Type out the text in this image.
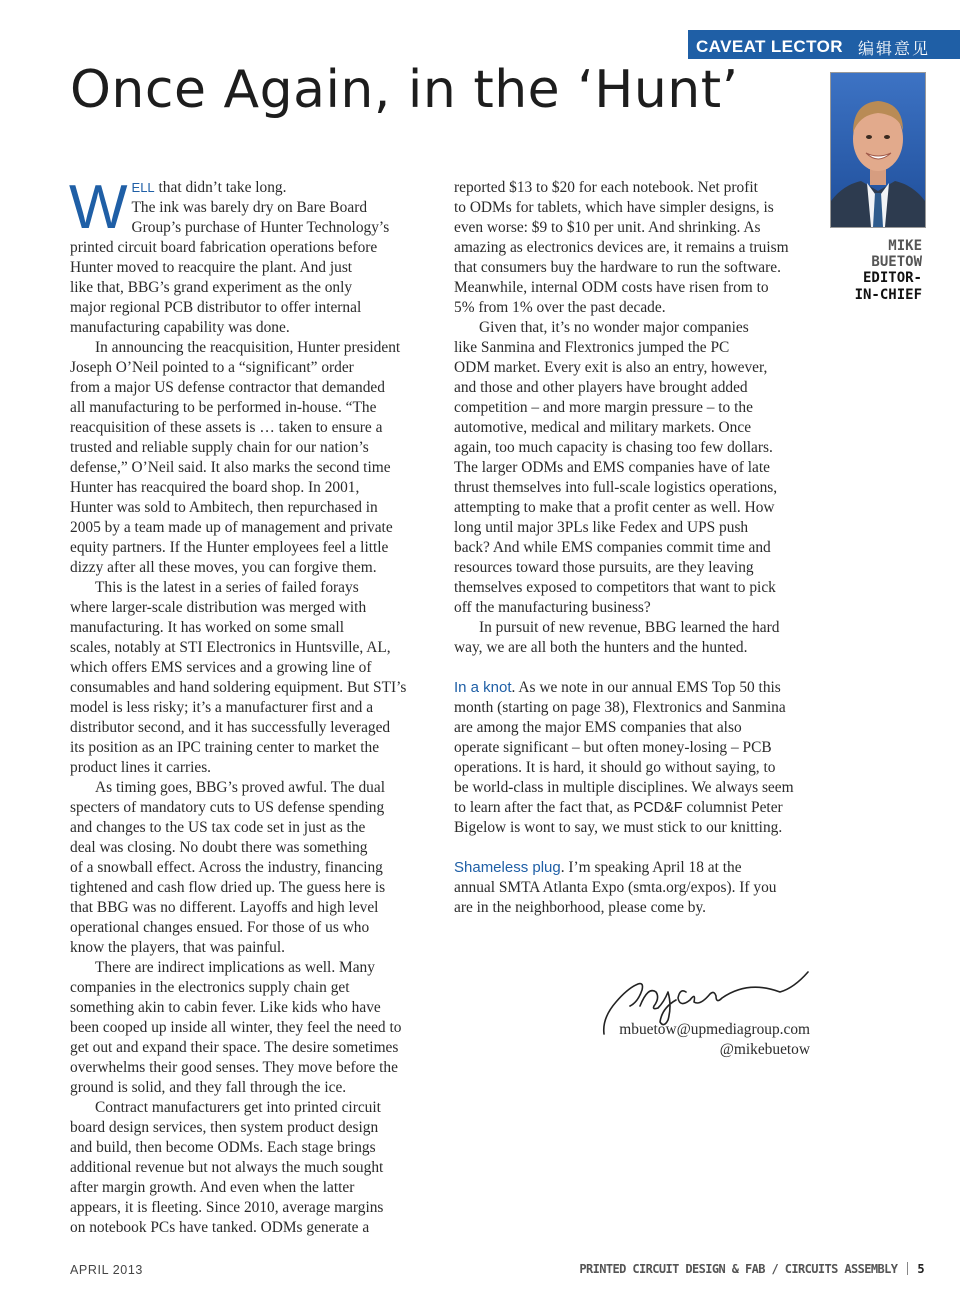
CAVEAT LECTOR 编辑意见
Once Again, in the ‘Hunt’
MIKE
BUETOW
EDITOR-
IN-CHIEF

W ELL that didn’t take long.
The ink was barely dry on Bare Board
Group’s purchase of Hunter Technology’s
printed circuit board fabrication operations before
Hunter moved to reacquire the plant. And just
like that, BBG’s grand experiment as the only
major regional PCB distributor to offer internal
manufacturing capability was done.

In announcing the reacquisition, Hunter president
Joseph O’Neil pointed to a “significant” order
from a major US defense contractor that demanded
all manufacturing to be performed in-house. “The
reacquisition of these assets is … taken to ensure a
trusted and reliable supply chain for our nation’s
defense,” O’Neil said. It also marks the second time
Hunter has reacquired the board shop. In 2001,
Hunter was sold to Ambitech, then repurchased in
2005 by a team made up of management and private
equity partners. If the Hunter employees feel a little
dizzy after all these moves, you can forgive them.

This is the latest in a series of failed forays
where larger-scale distribution was merged with
manufacturing. It has worked on some small
scales, notably at STI Electronics in Huntsville, AL,
which offers EMS services and a growing line of
consumables and hand soldering equipment. But STI’s
model is less risky; it’s a manufacturer first and a
distributor second, and it has successfully leveraged
its position as an IPC training center to market the
product lines it carries.

As timing goes, BBG’s proved awful. The dual
specters of mandatory cuts to US defense spending
and changes to the US tax code set in just as the
deal was closing. No doubt there was something
of a snowball effect. Across the industry, financing
tightened and cash flow dried up. The guess here is
that BBG was no different. Layoffs and high level
operational changes ensued. For those of us who
know the players, that was painful.

There are indirect implications as well. Many
companies in the electronics supply chain get
something akin to cabin fever. Like kids who have
been cooped up inside all winter, they feel the need to
get out and expand their space. The desire sometimes
overwhelms their good senses. They move before the
ground is solid, and they fall through the ice.

Contract manufacturers get into printed circuit
board design services, then system product design
and build, then become ODMs. Each stage brings
additional revenue but not always the much sought
after margin growth. And even when the latter
appears, it is fleeting. Since 2010, average margins
on notebook PCs have tanked. ODMs generate a

reported $13 to $20 for each notebook. Net profit
to ODMs for tablets, which have simpler designs, is
even worse: $9 to $10 per unit. And shrinking. As
amazing as electronics devices are, it remains a truism
that consumers buy the hardware to run the software.
Meanwhile, internal ODM costs have risen from to
5% from 1% over the past decade.

Given that, it’s no wonder major companies
like Sanmina and Flextronics jumped the PC
ODM market. Every exit is also an entry, however,
and those and other players have brought added
competition – and more margin pressure – to the
automotive, medical and military markets. Once
again, too much capacity is chasing too few dollars.
The larger ODMs and EMS companies have of late
thrust themselves into full-scale logistics operations,
attempting to make that a profit center as well. How
long until major 3PLs like Fedex and UPS push
back? And while EMS companies commit time and
resources toward those pursuits, are they leaving
themselves exposed to competitors that want to pick
off the manufacturing business?

In pursuit of new revenue, BBG learned the hard
way, we are all both the hunters and the hunted.

In a knot. As we note in our annual EMS Top 50 this
month (starting on page 38), Flextronics and Sanmina
are among the major EMS companies that also
operate significant – but often money-losing – PCB
operations. It is hard, it should go without saying, to
be world-class in multiple disciplines. We always seem
to learn after the fact that, as PCD&F columnist Peter
Bigelow is wont to say, we must stick to our knitting.

Shameless plug. I’m speaking April 18 at the
annual SMTA Atlanta Expo (smta.org/expos). If you
are in the neighborhood, please come by.

mbuetow@upmediagroup.com
@mikebuetow
APRIL 2013	PRINTED CIRCUIT DESIGN & FAB / CIRCUITS ASSEMBLY 5
